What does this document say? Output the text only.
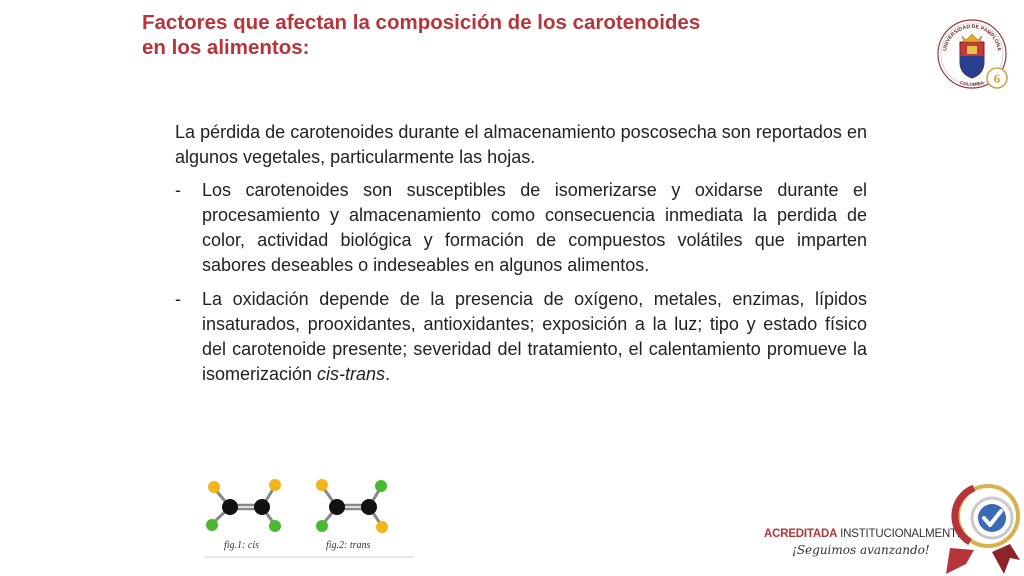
Factores que afectan la composición de los carotenoides
en los alimentos:	UNIVERSIDAD DE PAMPLONA
COLOMBIA 6

La pérdida de carotenoides durante el almacenamiento poscosecha son reportados en algunos vegetales, particularmente las hojas.

- Los carotenoides son susceptibles de isomerizarse y oxidarse durante el procesamiento y almacenamiento como consecuencia inmediata la perdida de color, actividad biológica y formación de compuestos volátiles que imparten sabores deseables o indeseables en algunos alimentos.

- La oxidación depende de la presencia de oxígeno, metales, enzimas, lípidos insaturados, prooxidantes, antioxidantes; exposición a la luz; tipo y estado físico del carotenoide presente; severidad del tratamiento, el calentamiento promueve la isomerización cis-trans.

fig.1: cis	fig.2: trans
ACREDITADA INSTITUCIONALMENTE
¡Seguimos avanzando!
